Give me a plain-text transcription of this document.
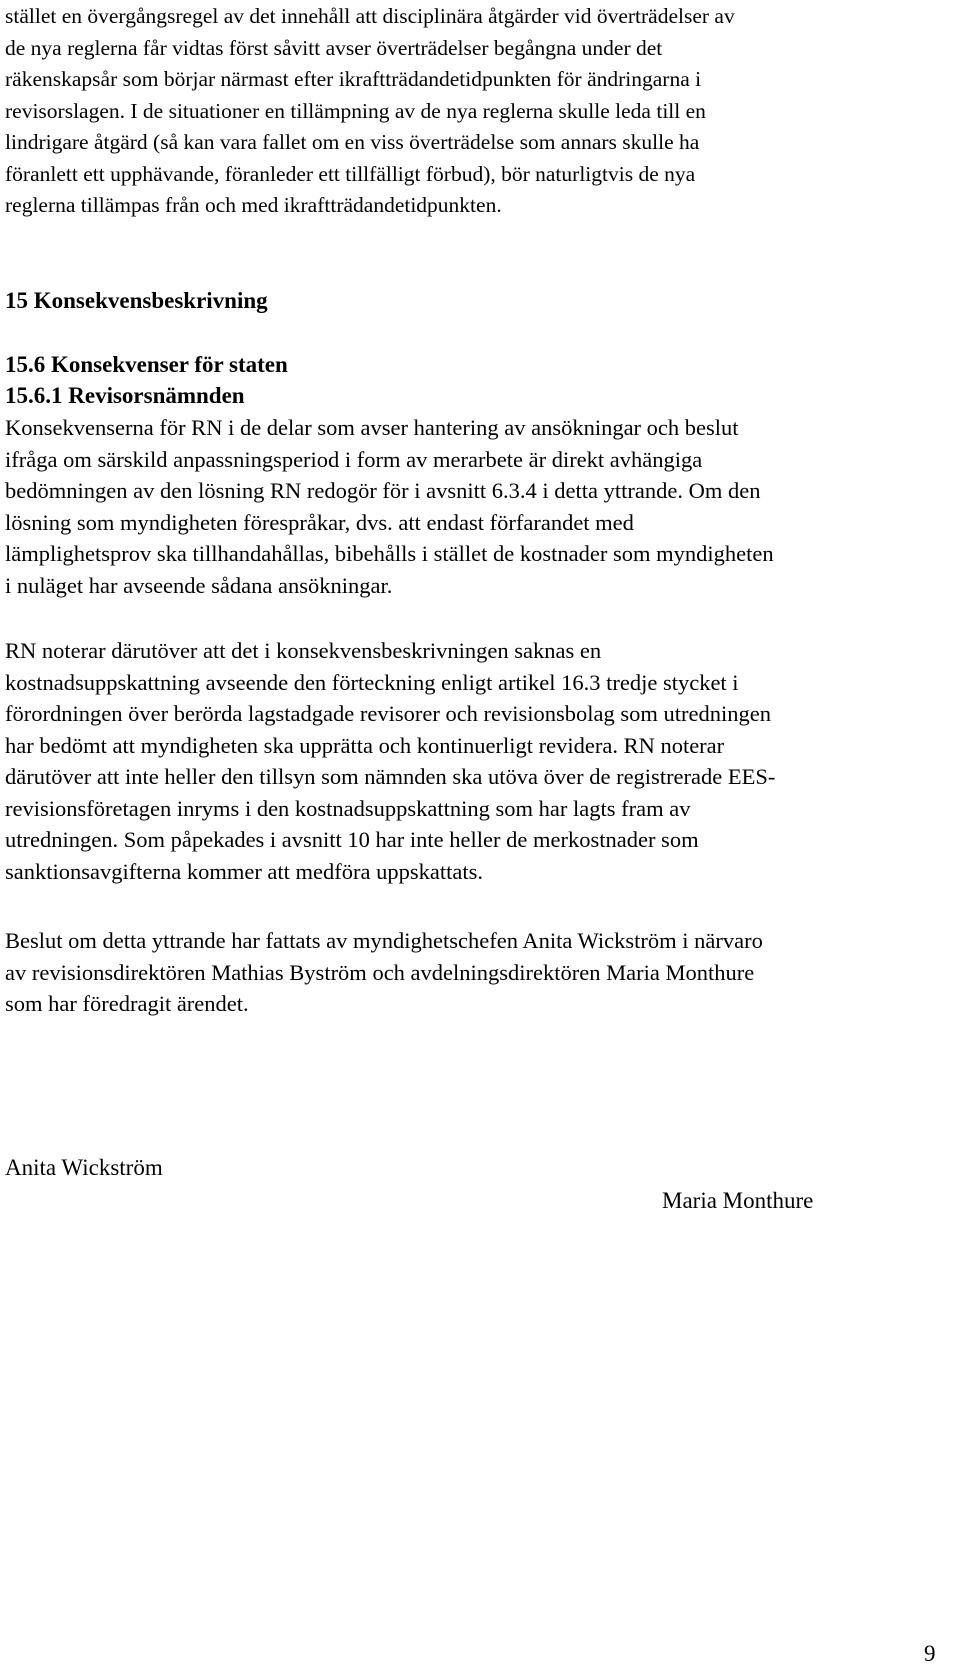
stället en övergångsregel av det innehåll att disciplinära åtgärder vid överträdelser av
de nya reglerna får vidtas först såvitt avser överträdelser begångna under det
räkenskapsår som börjar närmast efter ikraftträdandetidpunkten för ändringarna i
revisorslagen. I de situationer en tillämpning av de nya reglerna skulle leda till en
lindrigare åtgärd (så kan vara fallet om en viss överträdelse som annars skulle ha
föranlett ett upphävande, föranleder ett tillfälligt förbud), bör naturligtvis de nya
reglerna tillämpas från och med ikraftträdandetidpunkten.
15 Konsekvensbeskrivning
15.6 Konsekvenser för staten
15.6.1 Revisorsnämnden
Konsekvenserna för RN i de delar som avser hantering av ansökningar och beslut
ifråga om särskild anpassningsperiod i form av merarbete är direkt avhängiga
bedömningen av den lösning RN redogör för i avsnitt 6.3.4 i detta yttrande. Om den
lösning som myndigheten förespråkar, dvs. att endast förfarandet med
lämplighetsprov ska tillhandahållas, bibehålls i stället de kostnader som myndigheten
i nuläget har avseende sådana ansökningar.
RN noterar därutöver att det i konsekvensbeskrivningen saknas en
kostnadsuppskattning avseende den förteckning enligt artikel 16.3 tredje stycket i
förordningen över berörda lagstadgade revisorer och revisionsbolag som utredningen
har bedömt att myndigheten ska upprätta och kontinuerligt revidera. RN noterar
därutöver att inte heller den tillsyn som nämnden ska utöva över de registrerade EES-
revisionsföretagen inryms i den kostnadsuppskattning som har lagts fram av
utredningen. Som påpekades i avsnitt 10 har inte heller de merkostnader som
sanktionsavgifterna kommer att medföra uppskattats.
Beslut om detta yttrande har fattats av myndighetschefen Anita Wickström i närvaro
av revisionsdirektören Mathias Byström och avdelningsdirektören Maria Monthure
som har föredragit ärendet.

Anita Wickström

Maria Monthure

9
